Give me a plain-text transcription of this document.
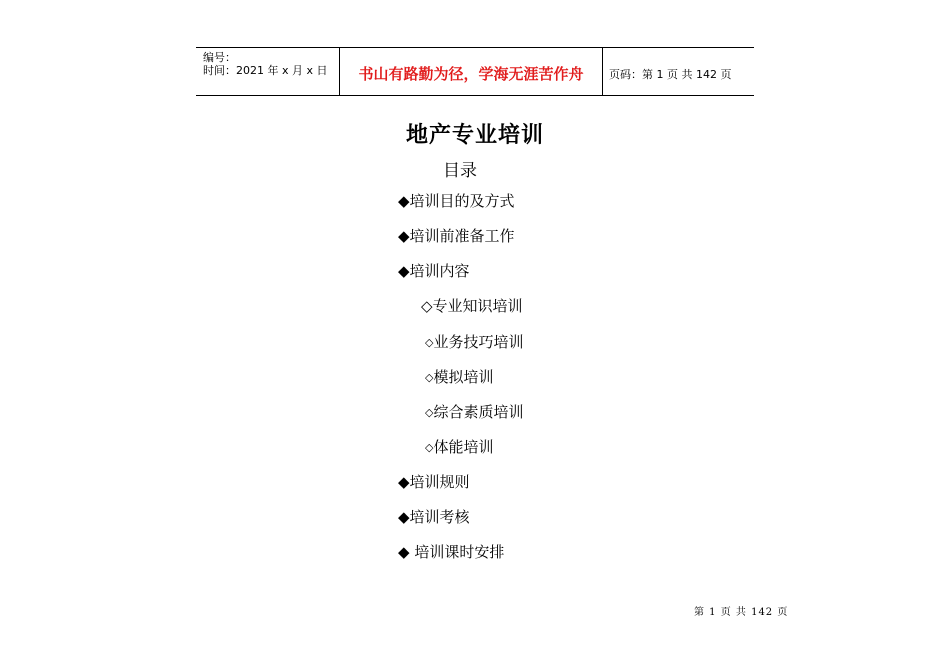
编号：
时间：2021 年 x 月 x 日	书山有路勤为径，学海无涯苦作舟	页码：第 1 页 共 142 页
地产专业培训
目录
◆培训目的及方式
◆培训前准备工作
◆培训内容
◇专业知识培训
◇业务技巧培训
◇模拟培训
◇综合素质培训
◇体能培训
◆培训规则
◆培训考核
◆ 培训课时安排
第 1 页 共 142 页
